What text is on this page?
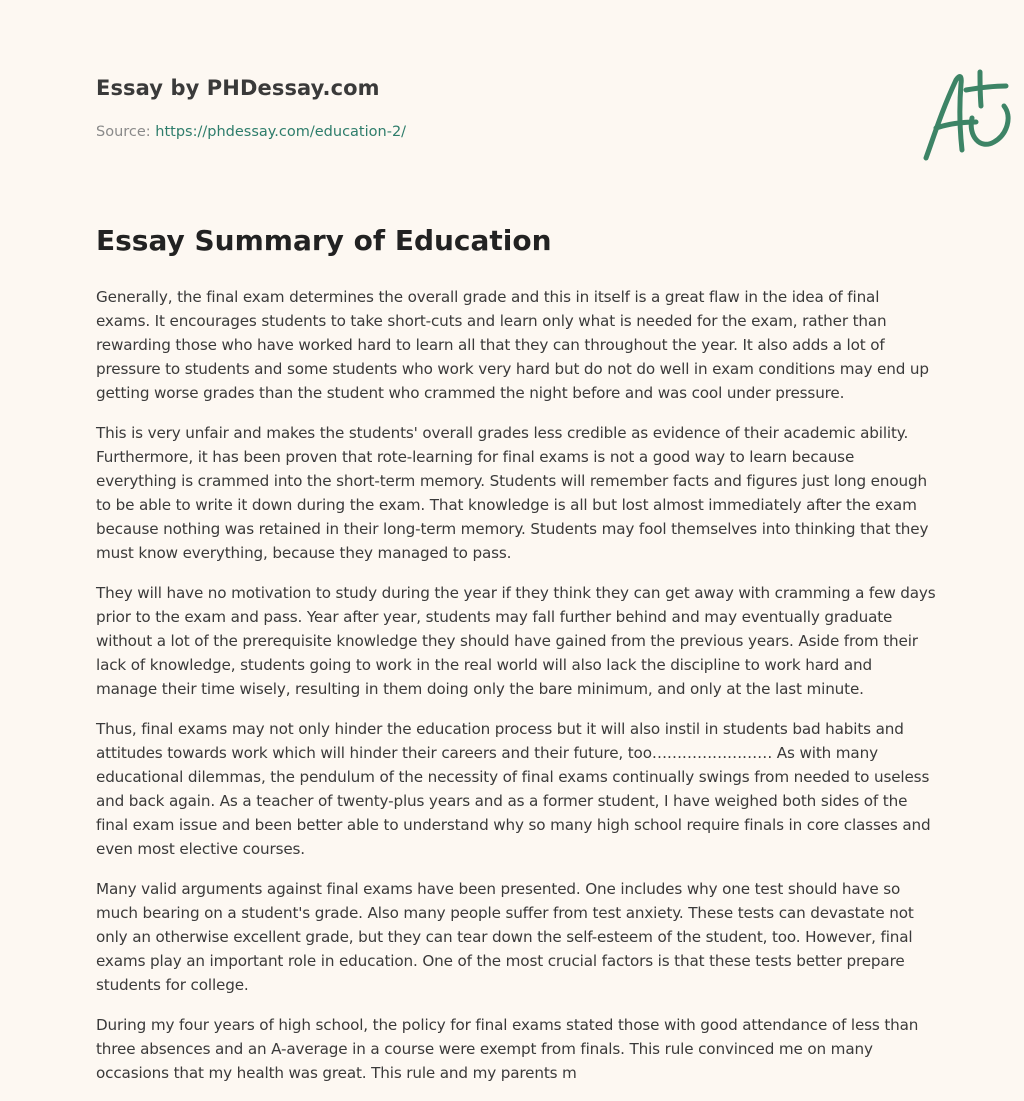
Essay by PHDessay.com
Source: https://phdessay.com/education-2/
Essay Summary of Education

Generally, the final exam determines the overall grade and this in itself is a great flaw in the idea of final exams. It encourages students to take short-cuts and learn only what is needed for the exam, rather than rewarding those who have worked hard to learn all that they can throughout the year. It also adds a lot of pressure to students and some students who work very hard but do not do well in exam conditions may end up getting worse grades than the student who crammed the night before and was cool under pressure.

This is very unfair and makes the students' overall grades less credible as evidence of their academic ability. Furthermore, it has been proven that rote-learning for final exams is not a good way to learn because everything is crammed into the short-term memory. Students will remember facts and figures just long enough to be able to write it down during the exam. That knowledge is all but lost almost immediately after the exam because nothing was retained in their long-term memory. Students may fool themselves into thinking that they must know everything, because they managed to pass.

They will have no motivation to study during the year if they think they can get away with cramming a few days prior to the exam and pass. Year after year, students may fall further behind and may eventually graduate without a lot of the prerequisite knowledge they should have gained from the previous years. Aside from their lack of knowledge, students going to work in the real world will also lack the discipline to work hard and manage their time wisely, resulting in them doing only the bare minimum, and only at the last minute.

Thus, final exams may not only hinder the education process but it will also instil in students bad habits and attitudes towards work which will hinder their careers and their future, too…………………… As with many educational dilemmas, the pendulum of the necessity of final exams continually swings from needed to useless and back again. As a teacher of twenty-plus years and as a former student, I have weighed both sides of the final exam issue and been better able to understand why so many high school require finals in core classes and even most elective courses.

Many valid arguments against final exams have been presented. One includes why one test should have so much bearing on a student's grade. Also many people suffer from test anxiety. These tests can devastate not only an otherwise excellent grade, but they can tear down the self-esteem of the student, too. However, final exams play an important role in education. One of the most crucial factors is that these tests better prepare students for college.

During my four years of high school, the policy for final exams stated those with good attendance of less than three absences and an A-average in a course were exempt from finals. This rule convinced me on many occasions that my health was great. This rule and my parents m
